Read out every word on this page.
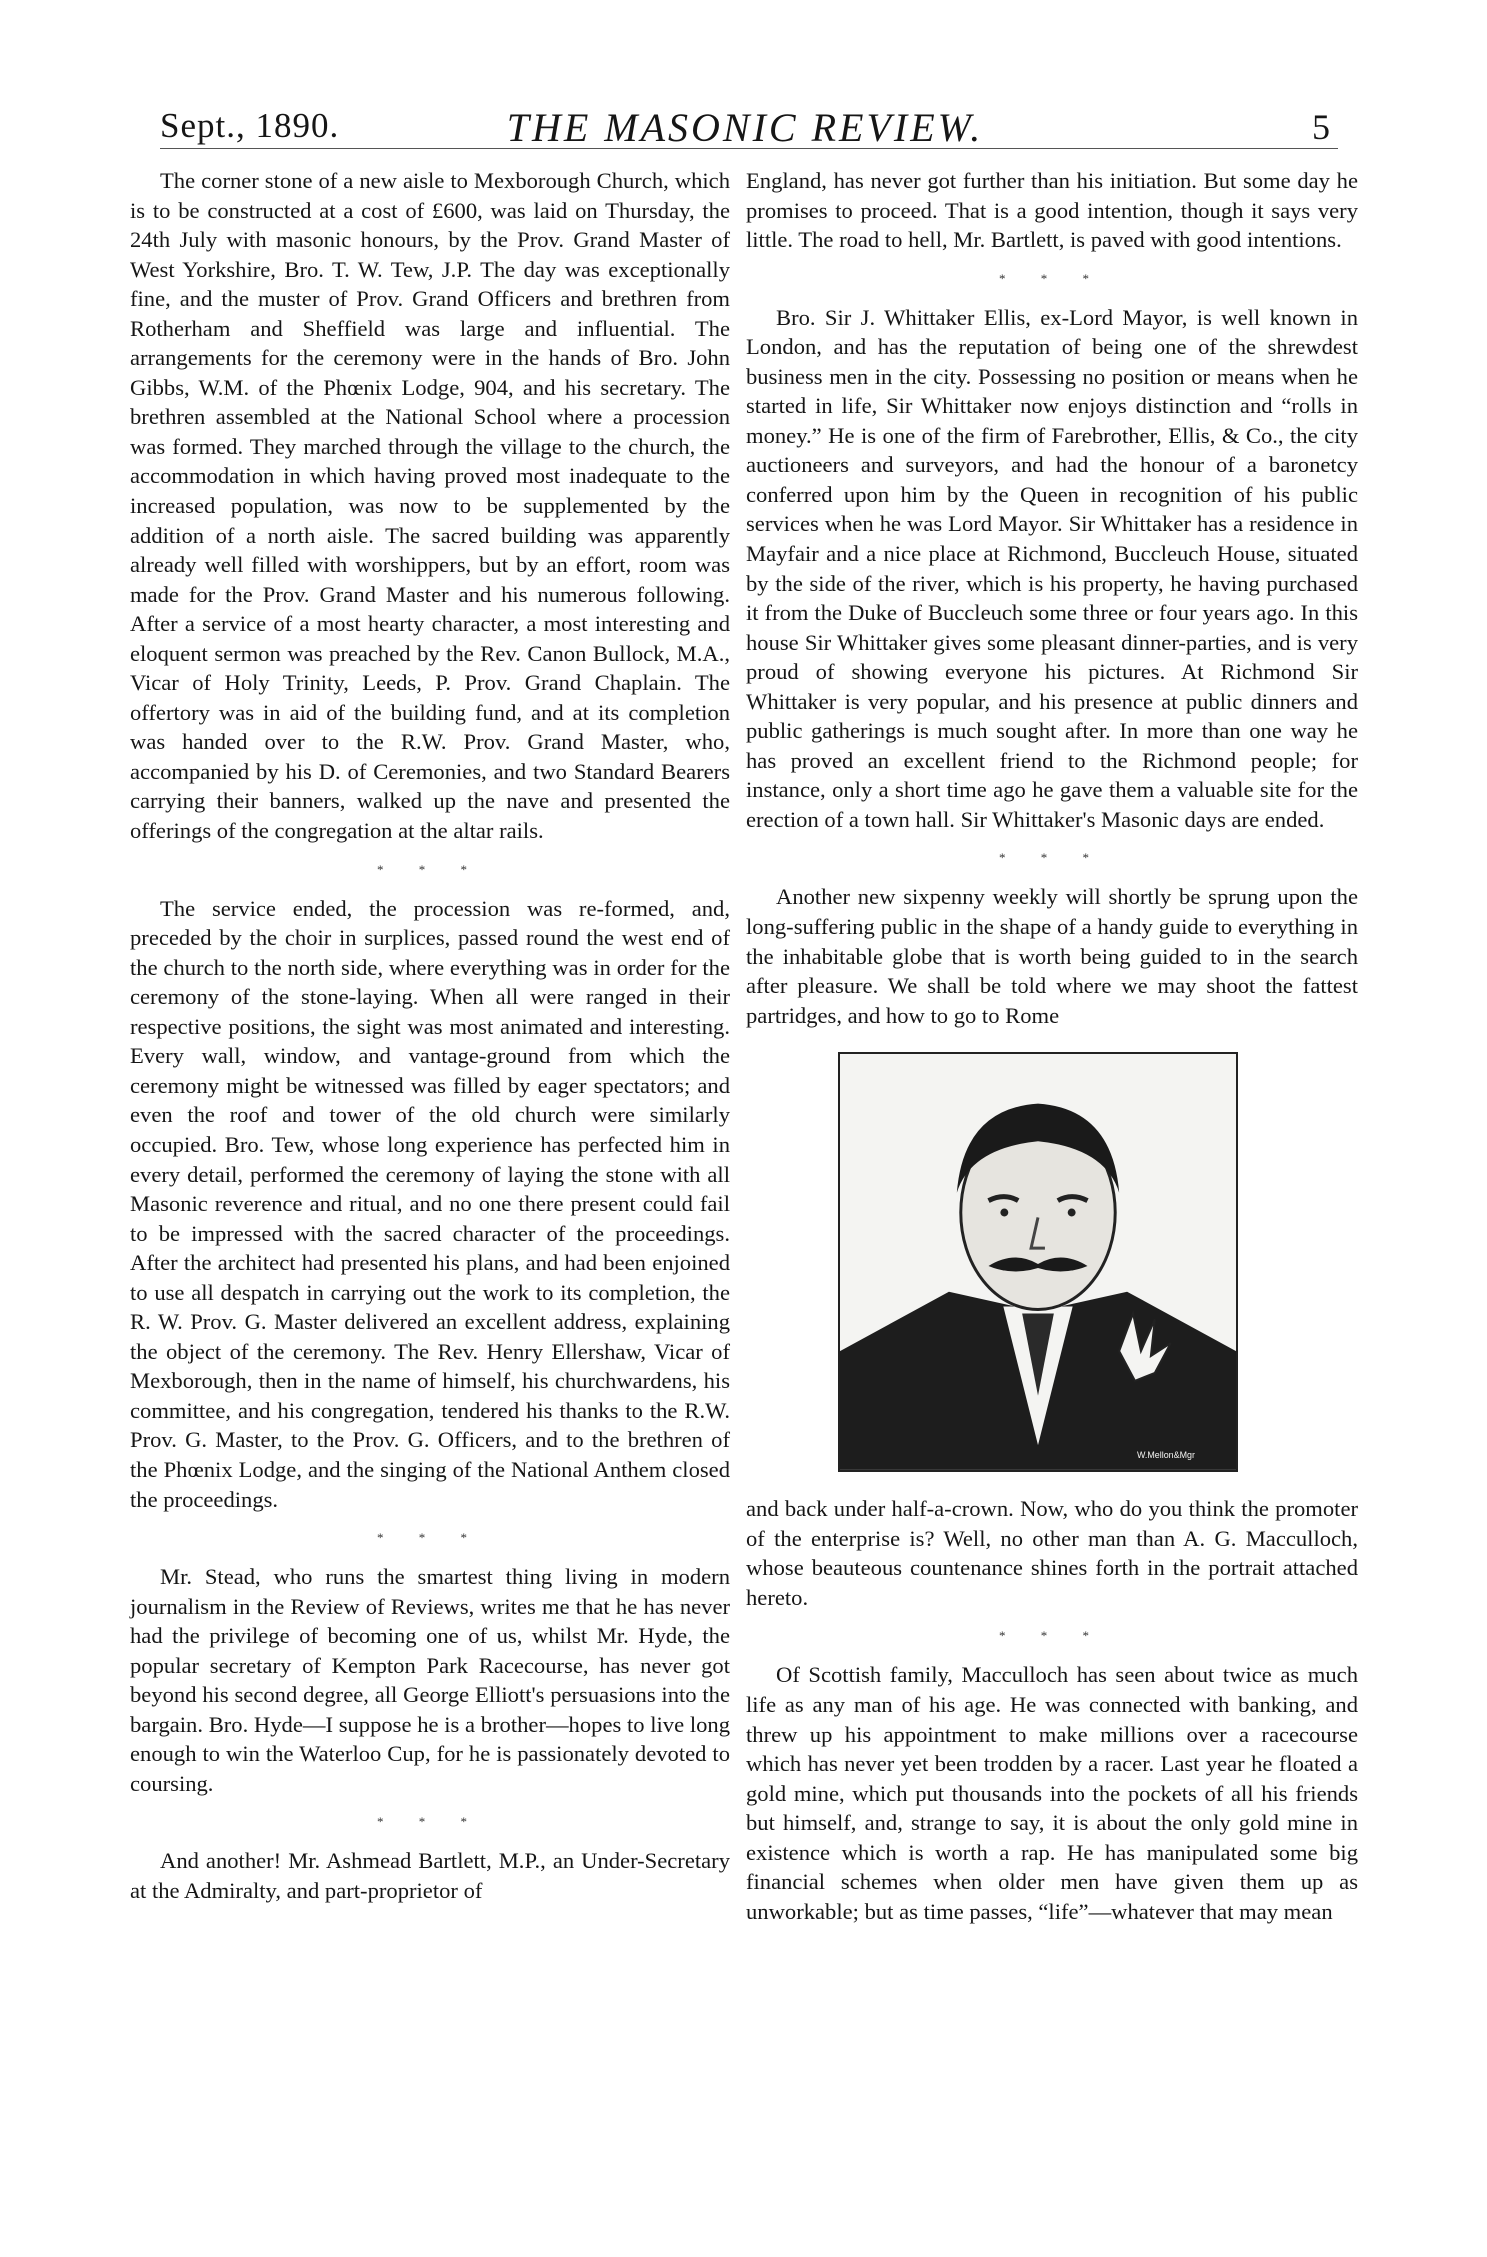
Sept., 1890.	THE MASONIC REVIEW.	5

The corner stone of a new aisle to Mexborough Church, which is to be constructed at a cost of £600, was laid on Thursday, the 24th July with masonic honours, by the Prov. Grand Master of West Yorkshire, Bro. T. W. Tew, J.P. The day was exceptionally fine, and the muster of Prov. Grand Officers and brethren from Rotherham and Sheffield was large and influential. The arrangements for the ceremony were in the hands of Bro. John Gibbs, W.M. of the Phœnix Lodge, 904, and his secretary. The brethren assembled at the National School where a procession was formed. They marched through the village to the church, the accommodation in which having proved most inadequate to the increased population, was now to be supplemented by the addition of a north aisle. The sacred building was apparently already well filled with worshippers, but by an effort, room was made for the Prov. Grand Master and his numerous following. After a service of a most hearty character, a most interesting and eloquent sermon was preached by the Rev. Canon Bullock, M.A., Vicar of Holy Trinity, Leeds, P. Prov. Grand Chaplain. The offertory was in aid of the building fund, and at its completion was handed over to the R.W. Prov. Grand Master, who, accompanied by his D. of Ceremonies, and two Standard Bearers carrying their banners, walked up the nave and presented the offerings of the congregation at the altar rails.

* * *

The service ended, the procession was re-formed, and, preceded by the choir in surplices, passed round the west end of the church to the north side, where everything was in order for the ceremony of the stone-laying. When all were ranged in their respective positions, the sight was most animated and interesting. Every wall, window, and vantage-ground from which the ceremony might be witnessed was filled by eager spectators; and even the roof and tower of the old church were similarly occupied. Bro. Tew, whose long experience has perfected him in every detail, performed the ceremony of laying the stone with all Masonic reverence and ritual, and no one there present could fail to be impressed with the sacred character of the proceedings. After the architect had presented his plans, and had been enjoined to use all despatch in carrying out the work to its completion, the R. W. Prov. G. Master delivered an excellent address, explaining the object of the ceremony. The Rev. Henry Ellershaw, Vicar of Mexborough, then in the name of himself, his churchwardens, his committee, and his congregation, tendered his thanks to the R.W. Prov. G. Master, to the Prov. G. Officers, and to the brethren of the Phœnix Lodge, and the singing of the National Anthem closed the proceedings.

* * *

Mr. Stead, who runs the smartest thing living in modern journalism in the Review of Reviews, writes me that he has never had the privilege of becoming one of us, whilst Mr. Hyde, the popular secretary of Kempton Park Racecourse, has never got beyond his second degree, all George Elliott's persuasions into the bargain. Bro. Hyde—I suppose he is a brother—hopes to live long enough to win the Waterloo Cup, for he is passionately devoted to coursing.

* * *

And another! Mr. Ashmead Bartlett, M.P., an Under-Secretary at the Admiralty, and part-proprietor of

England, has never got further than his initiation. But some day he promises to proceed. That is a good intention, though it says very little. The road to hell, Mr. Bartlett, is paved with good intentions.

* * *

Bro. Sir J. Whittaker Ellis, ex-Lord Mayor, is well known in London, and has the reputation of being one of the shrewdest business men in the city. Possessing no position or means when he started in life, Sir Whittaker now enjoys distinction and “rolls in money.” He is one of the firm of Farebrother, Ellis, & Co., the city auctioneers and surveyors, and had the honour of a baronetcy conferred upon him by the Queen in recognition of his public services when he was Lord Mayor. Sir Whittaker has a residence in Mayfair and a nice place at Richmond, Buccleuch House, situated by the side of the river, which is his property, he having purchased it from the Duke of Buccleuch some three or four years ago. In this house Sir Whittaker gives some pleasant dinner-parties, and is very proud of showing everyone his pictures. At Richmond Sir Whittaker is very popular, and his presence at public dinners and public gatherings is much sought after. In more than one way he has proved an excellent friend to the Richmond people; for instance, only a short time ago he gave them a valuable site for the erection of a town hall. Sir Whittaker's Masonic days are ended.

* * *

Another new sixpenny weekly will shortly be sprung upon the long-suffering public in the shape of a handy guide to everything in the inhabitable globe that is worth being guided to in the search after pleasure. We shall be told where we may shoot the fattest partridges, and how to go to Rome

W.Mellon&Mgr

and back under half-a-crown. Now, who do you think the promoter of the enterprise is? Well, no other man than A. G. Macculloch, whose beauteous countenance shines forth in the portrait attached hereto.

* * *

Of Scottish family, Macculloch has seen about twice as much life as any man of his age. He was connected with banking, and threw up his appointment to make millions over a racecourse which has never yet been trodden by a racer. Last year he floated a gold mine, which put thousands into the pockets of all his friends but himself, and, strange to say, it is about the only gold mine in existence which is worth a rap. He has manipulated some big financial schemes when older men have given them up as unworkable; but as time passes, “life”—whatever that may mean
